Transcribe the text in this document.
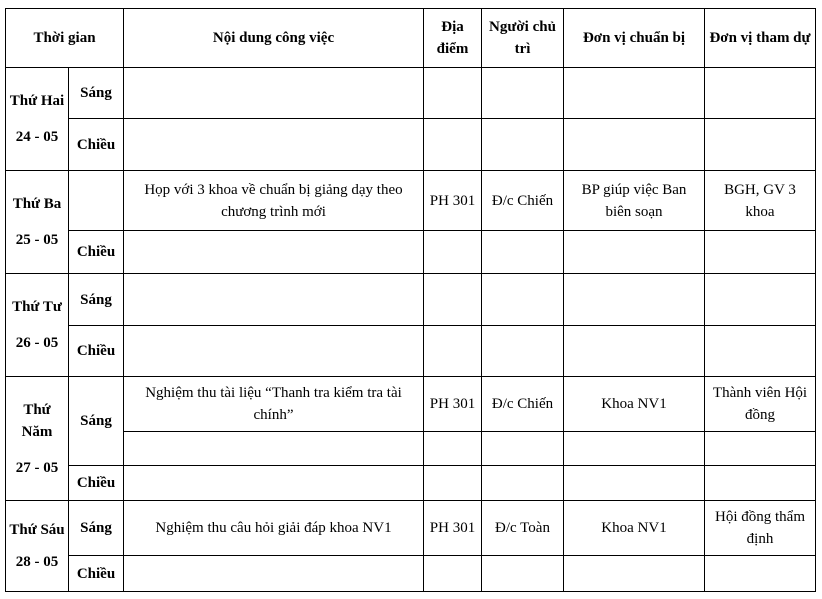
Thời gian		Nội dung công việc	Địa điểm	Người chủ trì	Đơn vị chuẩn bị	Đơn vị tham dự

Thứ Hai
24 - 05	Sáng					
	Chiều					

Thứ Ba
25 - 05		Họp với 3 khoa về chuẩn bị giảng dạy theo chương trình mới	PH 301	Đ/c Chiến	BP giúp việc Ban biên soạn	BGH, GV 3 khoa
	Chiều					

Thứ Tư
26 - 05	Sáng					
	Chiều					

Thứ Năm
27 - 05	Sáng	Nghiệm thu tài liệu “Thanh tra kiểm tra tài chính”	PH 301	Đ/c Chiến	Khoa NV1	Thành viên Hội đồng

	Chiều					

Thứ Sáu
28 - 05	Sáng	Nghiệm thu câu hỏi giải đáp khoa NV1	PH 301	Đ/c Toàn	Khoa NV1	Hội đồng thẩm định
	Chiều					
